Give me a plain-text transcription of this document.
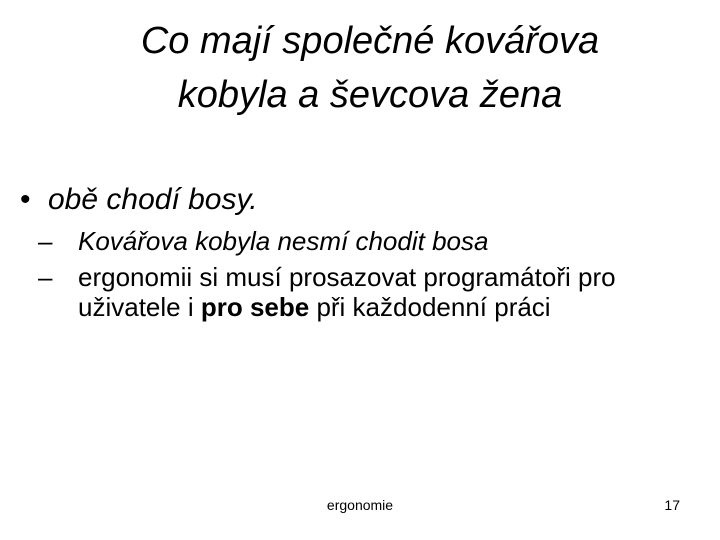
Co mají společné kovářova
kobyla a ševcova žena
• obě chodí bosy.
– Kovářova kobyla nesmí chodit bosa
– ergonomii si musí prosazovat programátoři pro uživatele i pro sebe při každodenní práci
ergonomie	17
